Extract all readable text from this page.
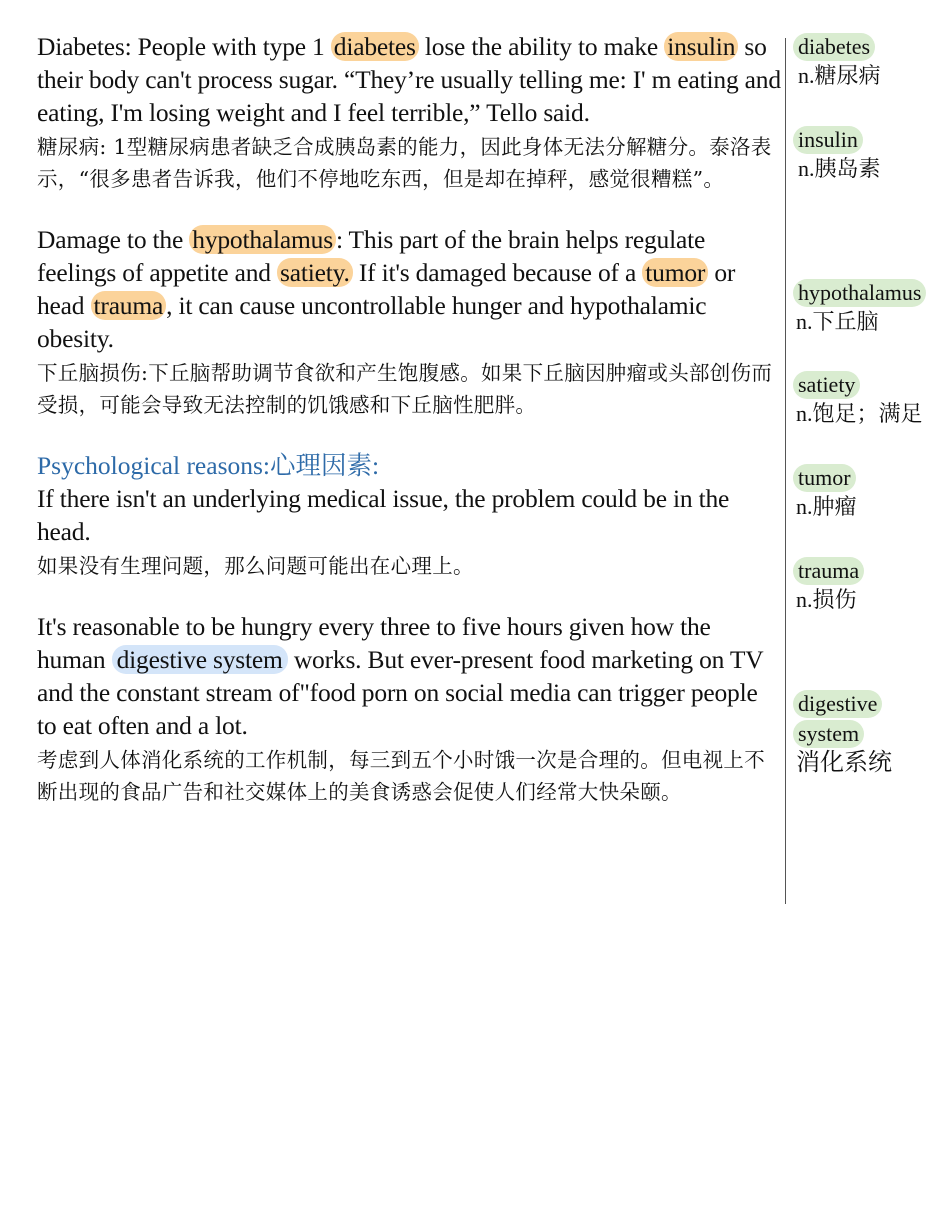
Diabetes: People with type 1 diabetes lose the ability to make insulin so their body can't process sugar. “They’re usually telling me: I' m eating and eating, I'm losing weight and I feel terrible,” Tello said.

糖尿病: 1型糖尿病患者缺乏合成胰岛素的能力，因此身体无法分解糖分。泰洛表示，“很多患者告诉我，他们不停地吃东西，但是却在掉秤，感觉很糟糕”。

Damage to the hypothalamus : This part of the brain helps regulate feelings of appetite and satiety. If it's damaged because of a tumor or head trauma , it can cause uncontrollable hunger and hypothalamic obesity.

下丘脑损伤:下丘脑帮助调节食欲和产生饱腹感。如果下丘脑因肿瘤或头部创伤而受损，可能会导致无法控制的饥饿感和下丘脑性肥胖。

Psychological reasons:心理因素:

If there isn't an underlying medical issue, the problem could be in the head.

如果没有生理问题，那么问题可能出在心理上。

It's reasonable to be hungry every three to five hours given how the human digestive system works. But ever-present food marketing on TV and the constant stream of"food porn on social media can trigger people to eat often and a lot.

考虑到人体消化系统的工作机制，每三到五个小时饿一次是合理的。但电视上不断出现的食品广告和社交媒体上的美食诱惑会促使人们经常大快朵颐。

diabetes
n.糖尿病
insulin
n.胰岛素
hypothalamus
n.下丘脑
satiety
n.饱足；满足
tumor
n.肿瘤
trauma
n.损伤
digestive
system
消化系统
